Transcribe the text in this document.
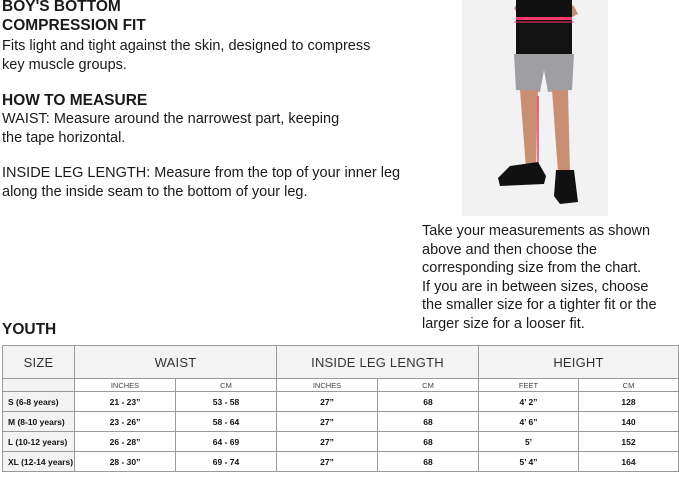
BOY'S BOTTOM
COMPRESSION FIT
Fits light and tight against the skin, designed to compress
key muscle groups.
HOW TO MEASURE
WAIST: Measure around the narrowest part, keeping
the tape horizontal.
INSIDE LEG LENGTH: Measure from the top of your inner leg
along the inside seam to the bottom of your leg.
Take your measurements as shown
above and then choose the
corresponding size from the chart.
If you are in between sizes, choose
the smaller size for a tighter fit or the
larger size for a looser fit.
YOUTH
SIZE	WAIST		INSIDE LEG LENGTH		HEIGHT	
	INCHES	CM	INCHES	CM	FEET	CM
S (6-8 years)	21 - 23”	53 - 58	27”	68	4’ 2”	128
M (8-10 years)	23 - 26”	58 - 64	27”	68	4’ 6”	140
L (10-12 years)	26 - 28”	64 - 69	27”	68	5’	152
XL (12-14 years)	28 - 30”	69 - 74	27”	68	5’ 4”	164
